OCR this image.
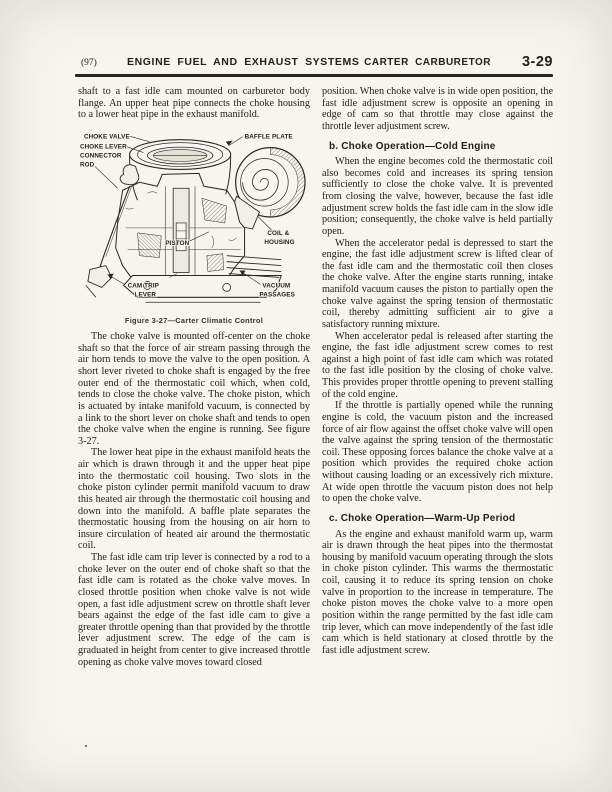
(97)	ENGINE FUEL AND EXHAUST SYSTEMS CARTER CARBURETOR 3-29

shaft to a fast idle cam mounted on carburetor body flange. An upper heat pipe connects the choke housing to a lower heat pipe in the exhaust manifold.

CHOKE VALVE
CHOKE LEVER
CONNECTOR
ROD
BAFFLE PLATE
PISTON
COIL &
HOUSING
CAM TRIP
LEVER
VACUUM
PASSAGES
Figure 3-27—Carter Climatic Control

The choke valve is mounted off-center on the choke shaft so that the force of air stream passing through the air horn tends to move the valve to the open position. A short lever riveted to choke shaft is engaged by the free outer end of the thermostatic coil which, when cold, tends to close the choke valve. The choke piston, which is actuated by intake manifold vacuum, is connected by a link to the short lever on choke shaft and tends to open the choke valve when the engine is running. See figure 3-27.

The lower heat pipe in the exhaust manifold heats the air which is drawn through it and the upper heat pipe into the thermostatic coil housing. Two slots in the choke piston cylinder permit manifold vacuum to draw this heated air through the thermostatic coil housing and down into the manifold. A baffle plate separates the thermostatic housing from the housing on air horn to insure circulation of heated air around the thermostatic coil.

The fast idle cam trip lever is connected by a rod to a choke lever on the outer end of choke shaft so that the fast idle cam is rotated as the choke valve moves. In closed throttle position when choke valve is not wide open, a fast idle adjustment screw on throttle shaft lever bears against the edge of the fast idle cam to give a greater throttle opening than that provided by the throttle lever adjustment screw. The edge of the cam is graduated in height from center to give increased throttle opening as choke valve moves toward closed

position. When choke valve is in wide open position, the fast idle adjustment screw is opposite an opening in edge of cam so that throttle may close against the throttle lever adjustment screw.

b. Choke Operation—Cold Engine

When the engine becomes cold the thermostatic coil also becomes cold and increases its spring tension sufficiently to close the choke valve. It is prevented from closing the valve, however, because the fast idle adjustment screw holds the fast idle cam in the slow idle position; consequently, the choke valve is held partially open.

When the accelerator pedal is depressed to start the engine, the fast idle adjustment screw is lifted clear of the fast idle cam and the thermostatic coil then closes the choke valve. After the engine starts running, intake manifold vacuum causes the piston to partially open the choke valve against the spring tension of thermostatic coil, thereby admitting sufficient air to give a satisfactory running mixture.

When accelerator pedal is released after starting the engine, the fast idle adjustment screw comes to rest against a high point of fast idle cam which was rotated to the fast idle position by the closing of choke valve. This provides proper throttle opening to prevent stalling of the cold engine.

If the throttle is partially opened while the running engine is cold, the vacuum piston and the increased force of air flow against the offset choke valve will open the valve against the spring tension of the thermostatic coil. These opposing forces balance the choke valve at a position which provides the required choke action without causing loading or an excessively rich mixture. At wide open throttle the vacuum piston does not help to open the choke valve.

c. Choke Operation—Warm-Up Period

As the engine and exhaust manifold warm up, warm air is drawn through the heat pipes into the thermostat housing by manifold vacuum operating through the slots in choke piston cylinder. This warms the thermostatic coil, causing it to reduce its spring tension on choke valve in proportion to the increase in temperature. The choke piston moves the choke valve to a more open position within the range permitted by the fast idle cam trip lever, which can move independently of the fast idle cam which is held stationary at closed throttle by the fast idle adjustment screw.
